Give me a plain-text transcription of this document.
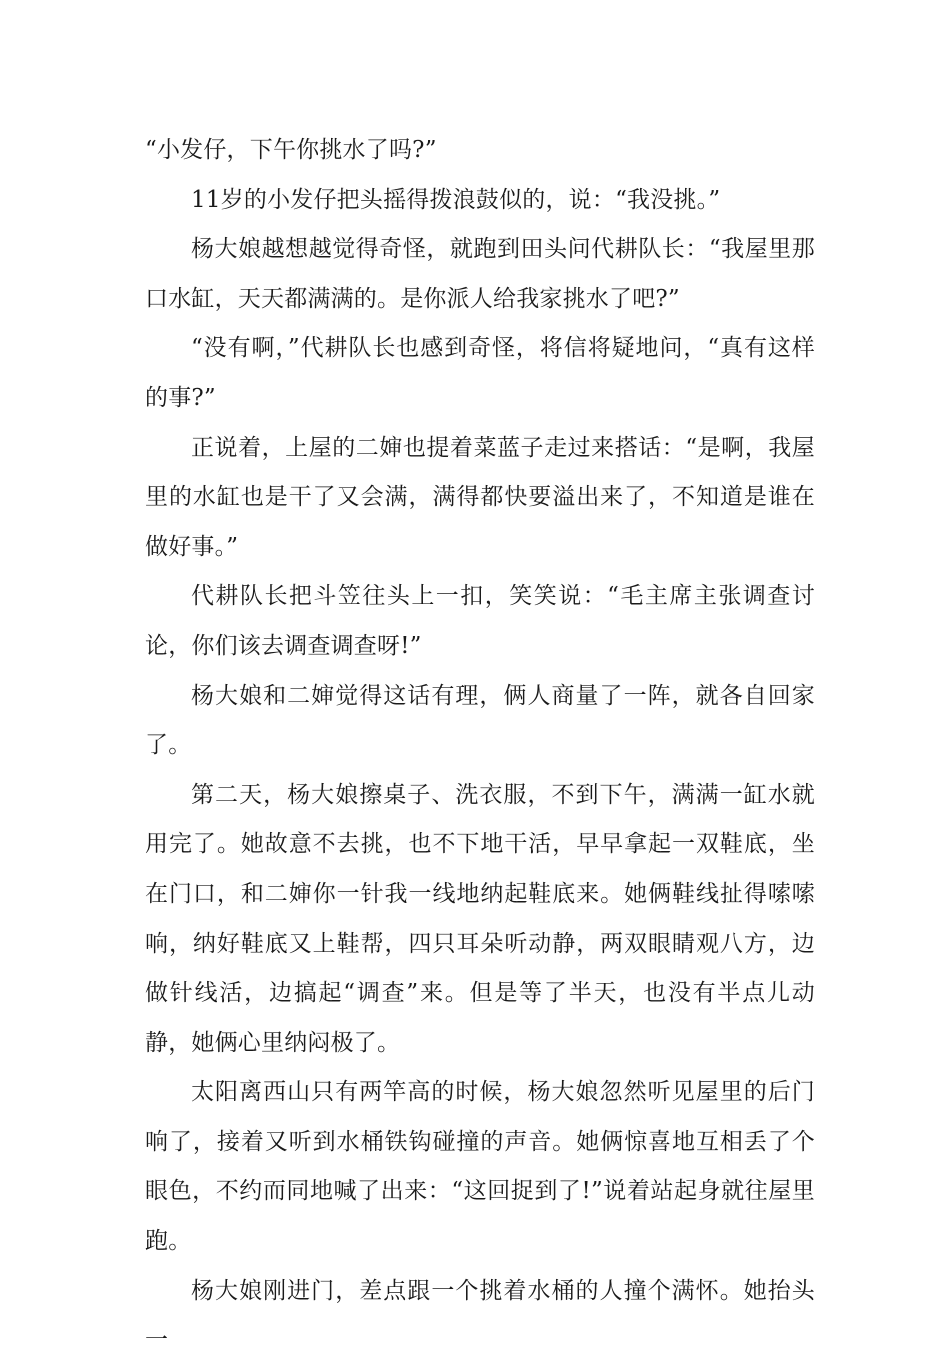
“小发仔，下午你挑水了吗?”

11岁的小发仔把头摇得拨浪鼓似的，说：“我没挑。”

杨大娘越想越觉得奇怪，就跑到田头问代耕队长：“我屋里那口水缸，天天都满满的。是你派人给我家挑水了吧?”

“没有啊，”代耕队长也感到奇怪，将信将疑地问，“真有这样的事?”

正说着，上屋的二婶也提着菜蓝子走过来搭话：“是啊，我屋里的水缸也是干了又会满，满得都快要溢出来了，不知道是谁在做好事。”

代耕队长把斗笠往头上一扣，笑笑说：“毛主席主张调查讨论，你们该去调查调查呀!”

杨大娘和二婶觉得这话有理，俩人商量了一阵，就各自回家了。

第二天，杨大娘擦桌子、洗衣服，不到下午，满满一缸水就用完了。她故意不去挑，也不下地干活，早早拿起一双鞋底，坐在门口，和二婶你一针我一线地纳起鞋底来。她俩鞋线扯得嗦嗦响，纳好鞋底又上鞋帮，四只耳朵听动静，两双眼睛观八方，边做针线活，边搞起“调查”来。但是等了半天，也没有半点儿动静，她俩心里纳闷极了。

太阳离西山只有两竿高的时候，杨大娘忽然听见屋里的后门响了，接着又听到水桶铁钩碰撞的声音。她俩惊喜地互相丢了个眼色，不约而同地喊了出来：“这回捉到了!”说着站起身就往屋里跑。

杨大娘刚进门，差点跟一个挑着水桶的人撞个满怀。她抬头一
